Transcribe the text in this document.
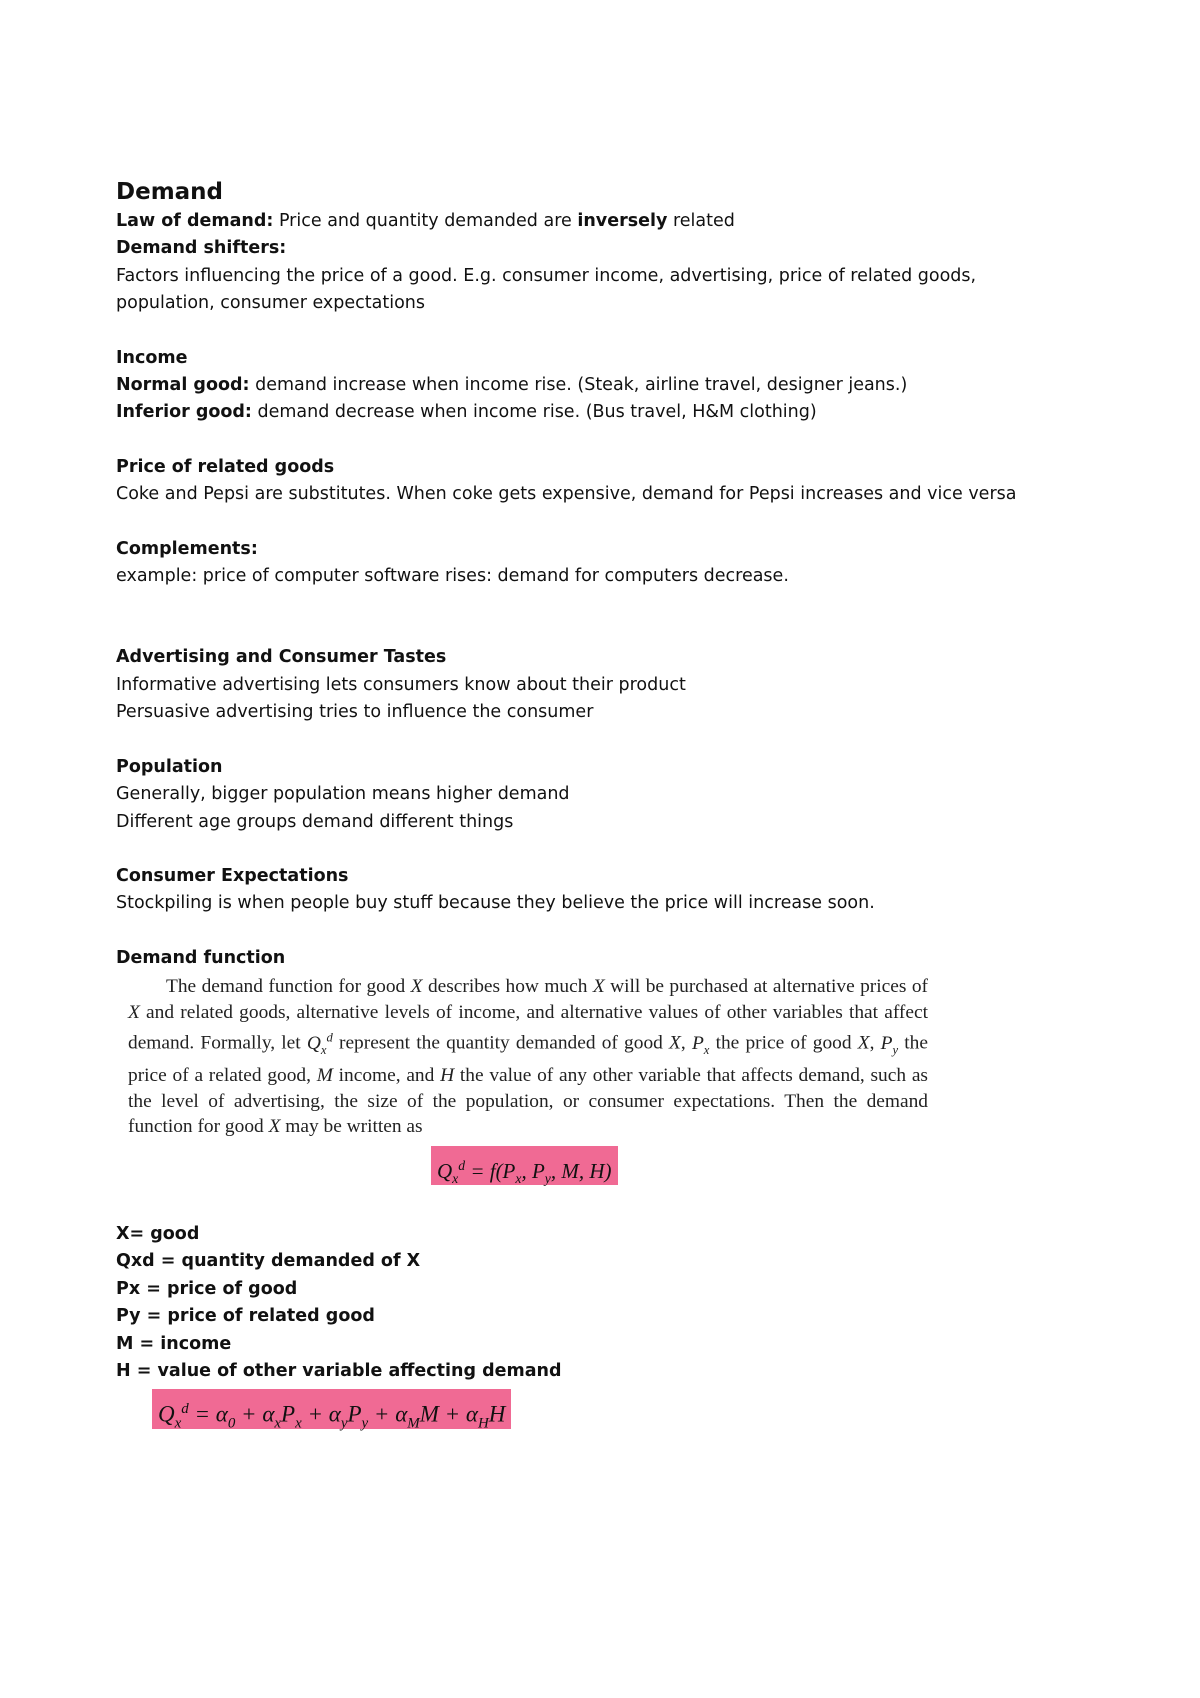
Demand

Law of demand: Price and quantity demanded are inversely related

Demand shifters:

Factors influencing the price of a good. E.g. consumer income, advertising, price of related goods,

population, consumer expectations

Income

Normal good: demand increase when income rise. (Steak, airline travel, designer jeans.)

Inferior good: demand decrease when income rise. (Bus travel, H&M clothing)

Price of related goods

Coke and Pepsi are substitutes. When coke gets expensive, demand for Pepsi increases and vice versa

Complements:

example: price of computer software rises: demand for computers decrease.

Advertising and Consumer Tastes

Informative advertising lets consumers know about their product

Persuasive advertising tries to influence the consumer

Population

Generally, bigger population means higher demand

Different age groups demand different things

Consumer Expectations

Stockpiling is when people buy stuff because they believe the price will increase soon.

Demand function

The demand function for good X describes how much X will be purchased at alternative prices of X and related goods, alternative levels of income, and alternative values of other variables that affect demand. Formally, let $Q_x^d$ represent the quantity demanded of good X, $P_x$ the price of good X, $P_y$ the price of a related good, M income, and H the value of any other variable that affects demand, such as the level of advertising, the size of the population, or consumer expectations. Then the demand function for good X may be written as

$Q_x^d = f(P_x$, $P_y$, M, H)

X= good

Qxd = quantity demanded of X

Px = price of good

Py = price of related good

M = income

H = value of other variable affecting demand

$Q_x^d = \alpha_0 + \alpha_xP_x + \alpha_yP_y + \alpha_MM + \alpha_HH$
